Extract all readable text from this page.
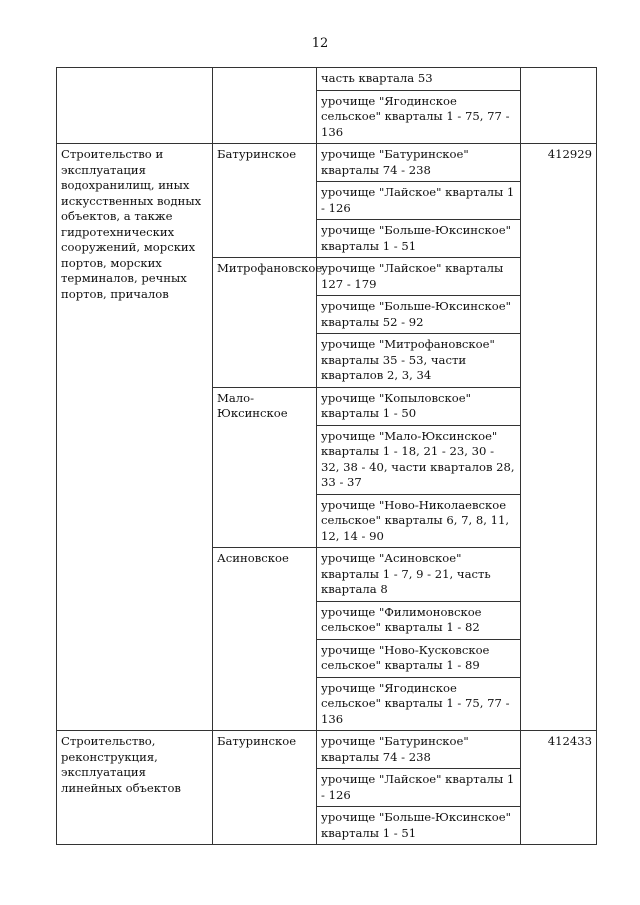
12
		часть квартала 53	
		урочище "Ягодинское сельское" кварталы 1 - 75, 77 - 136	
Строительство и эксплуатация водохранилищ, иных искусственных водных объектов, а также гидротехнических сооружений, морских портов, морских терминалов, речных портов, причалов	Батуринское	урочище "Батуринское" кварталы 74 - 238	412929
		урочище "Лайское" кварталы 1 - 126	
		урочище "Больше-Юксинское" кварталы 1 - 51	
	Митрофановское	урочище "Лайское" кварталы 127 - 179	
		урочище "Больше-Юксинское" кварталы 52 - 92	
		урочище "Митрофановское" кварталы 35 - 53, части кварталов 2, 3, 34	
	Мало-Юксинское	урочище "Копыловское" кварталы 1 - 50	
		урочище "Мало-Юксинское" кварталы 1 - 18, 21 - 23, 30 - 32, 38 - 40, части кварталов 28, 33 - 37	
		урочище "Ново-Николаевское сельское" кварталы 6, 7, 8, 11, 12, 14 - 90	
	Асиновское	урочище "Асиновское" кварталы 1 - 7, 9 - 21, часть квартала 8	
		урочище "Филимоновское сельское" кварталы 1 - 82	
		урочище "Ново-Кусковское сельское" кварталы 1 - 89	
		урочище "Ягодинское сельское" кварталы 1 - 75, 77 - 136	
Строительство, реконструкция, эксплуатация линейных объектов	Батуринское	урочище "Батуринское" кварталы 74 - 238	412433
		урочище "Лайское" кварталы 1 - 126	
		урочище "Больше-Юксинское" кварталы 1 - 51	
